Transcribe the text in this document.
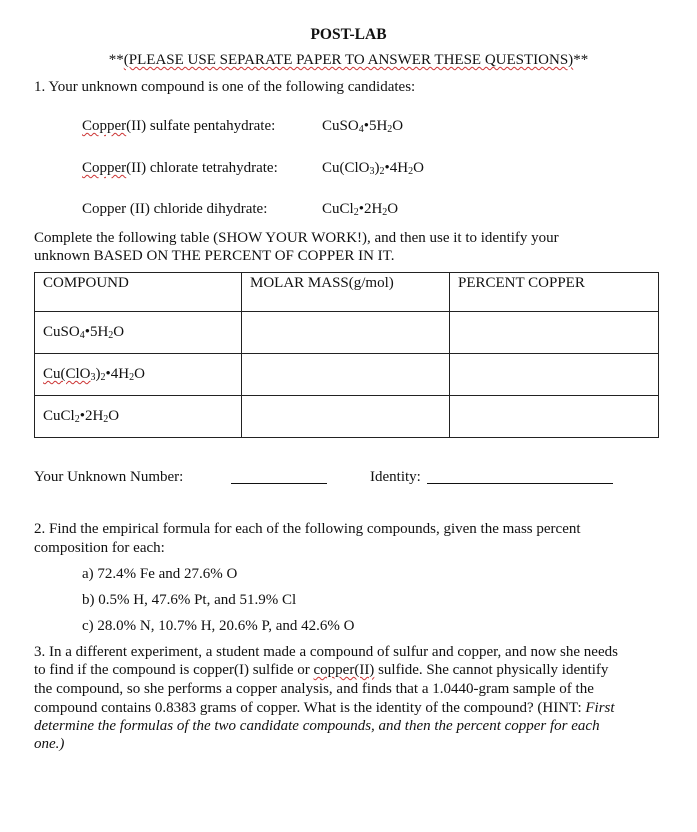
POST-LAB
**(PLEASE USE SEPARATE PAPER TO ANSWER THESE QUESTIONS)**
1. Your unknown compound is one of the following candidates:
Copper(II) sulfate pentahydrate:	$CuSO_4•5H_2O$
Copper(II) chlorate tetrahydrate:	$Cu(ClO_3)_2•4H_2O$
Copper (II) chloride dihydrate:	$CuCl_2•2H_2O$
Complete the following table (SHOW YOUR WORK!), and then use it to identify your
unknown BASED ON THE PERCENT OF COPPER IN IT.
COMPOUND	MOLAR MASS(g/mol)	PERCENT COPPER
$CuSO_4•5H_2O$		
$Cu(ClO_3)_2•4H_2O$		
$CuCl_2•2H_2O$		
Your Unknown Number:	Identity:
2. Find the empirical formula for each of the following compounds, given the mass percent
composition for each:
a) 72.4% Fe and 27.6% O
b) 0.5% H, 47.6% Pt, and 51.9% Cl
c) 28.0% N, 10.7% H, 20.6% P, and 42.6% O
3. In a different experiment, a student made a compound of sulfur and copper, and now she needs
to find if the compound is copper(I) sulfide or copper(II) sulfide. She cannot physically identify
the compound, so she performs a copper analysis, and finds that a 1.0440-gram sample of the
compound contains 0.8383 grams of copper. What is the identity of the compound? (HINT: First
determine the formulas of the two candidate compounds, and then the percent copper for each
one.)
